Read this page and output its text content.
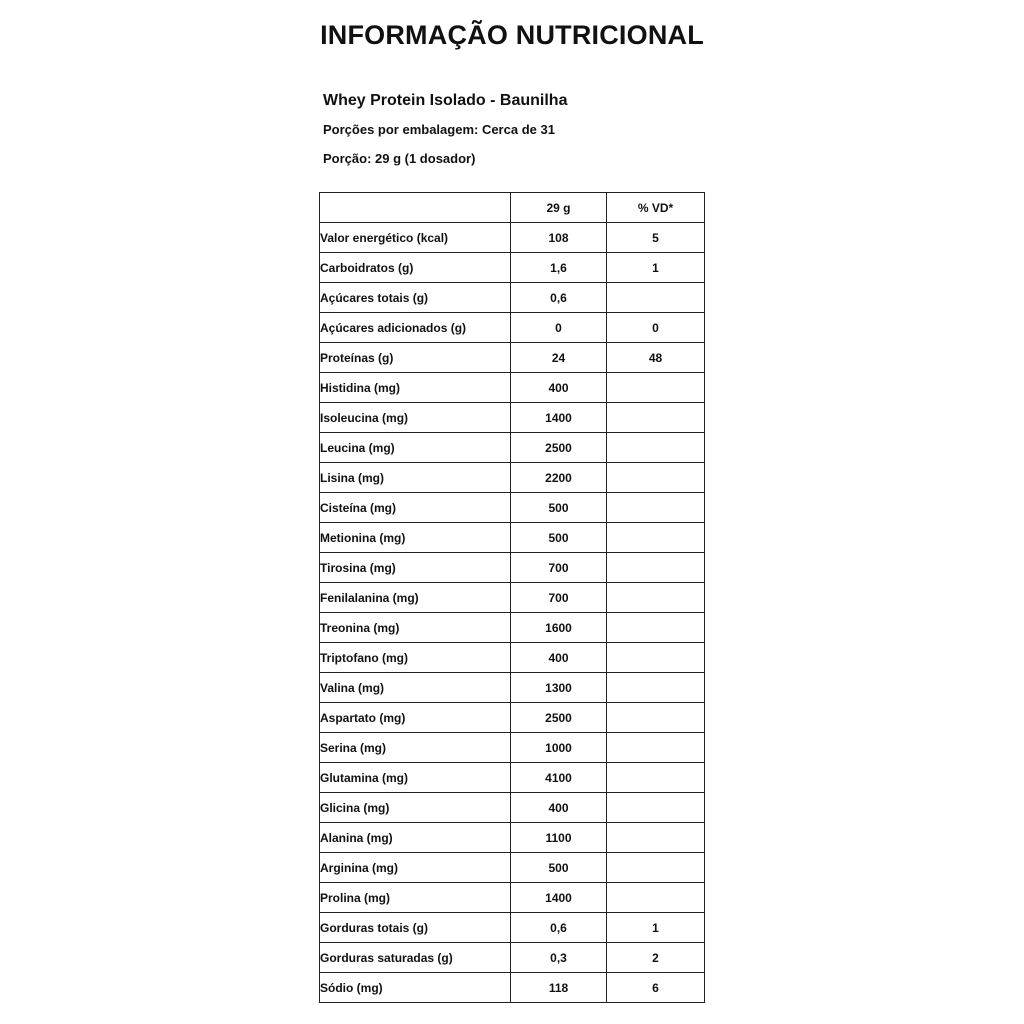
INFORMAÇÃO NUTRICIONAL
Whey Protein Isolado - Baunilha
Porções por embalagem: Cerca de 31
Porção: 29 g (1 dosador)
	29 g	% VD*
Valor energético (kcal)	108	5
Carboidratos (g)	1,6	1
Açúcares totais (g)	0,6	
Açúcares adicionados (g)	0	0
Proteínas (g)	24	48
Histidina (mg)	400	
Isoleucina (mg)	1400	
Leucina (mg)	2500	
Lisina (mg)	2200	
Cisteína (mg)	500	
Metionina (mg)	500	
Tirosina (mg)	700	
Fenilalanina (mg)	700	
Treonina (mg)	1600	
Triptofano (mg)	400	
Valina (mg)	1300	
Aspartato (mg)	2500	
Serina (mg)	1000	
Glutamina (mg)	4100	
Glicina (mg)	400	
Alanina (mg)	1100	
Arginina (mg)	500	
Prolina (mg)	1400	
Gorduras totais (g)	0,6	1
Gorduras saturadas (g)	0,3	2
Sódio (mg)	118	6
